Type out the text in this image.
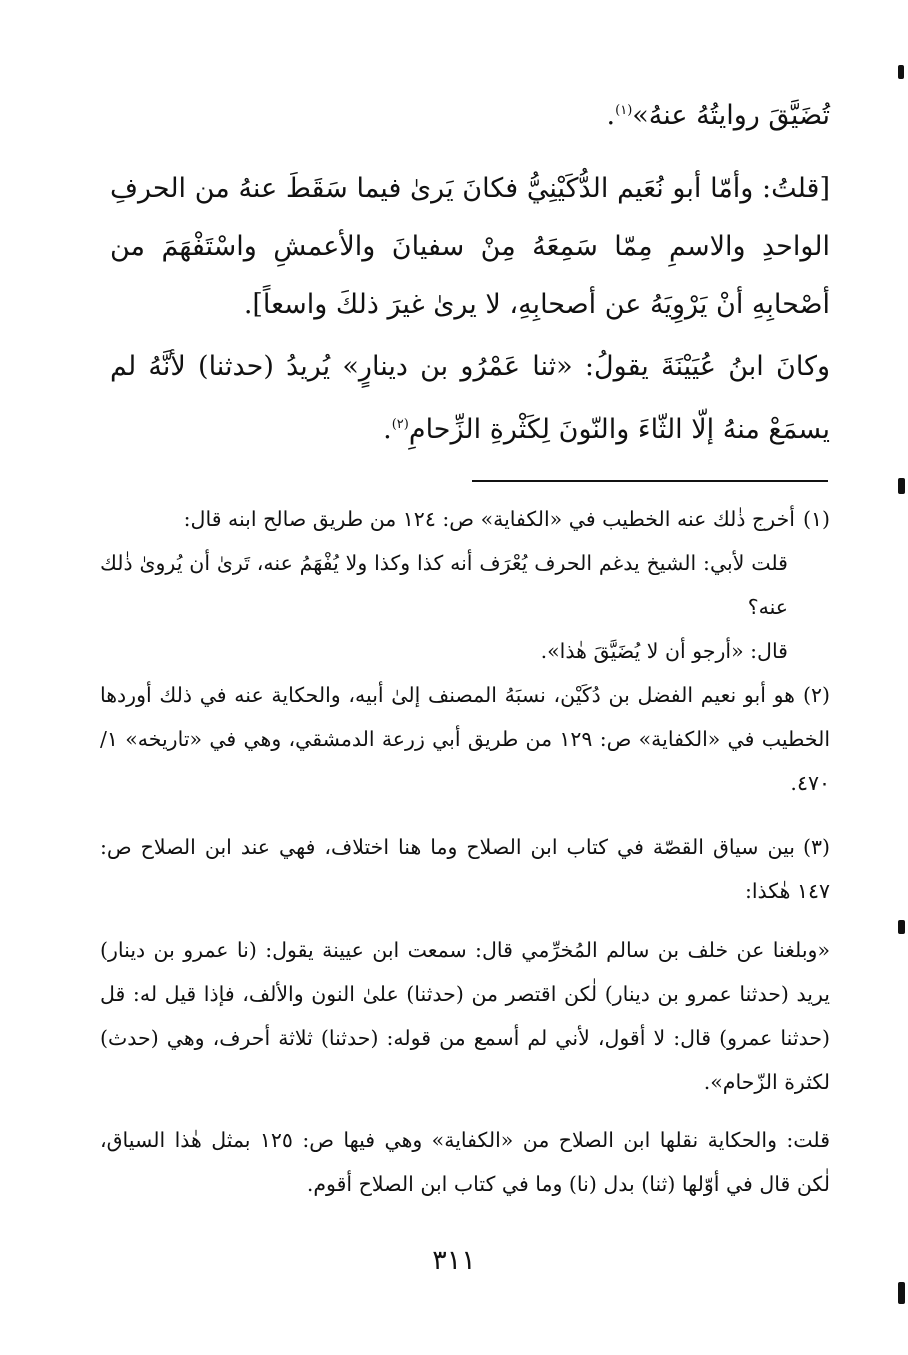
تُضَيَّقَ روايتُهُ عنهُ»$^{(١)}$.
[قلتُ: وأمّا أبو نُعَيم الدُّكَيْنِيُّ فكانَ يَرىٰ فيما سَقَطَ عنهُ من الحرفِ الواحدِ والاسمِ مِمّا سَمِعَهُ مِنْ سفيانَ والأعمشِ واسْتَفْهَمَ من أصْحابِهِ أنْ يَرْوِيَهُ عن أصحابِهِ، لا يرىٰ غيرَ ذلكَ واسعاً].
وكانَ ابنُ عُيَيْنَةَ يقولُ: «ثنا عَمْرُو بن دينارٍ» يُريدُ (حدثنا) لأنَّهُ لم يسمَعْ منهُ إلّا الثّاءَ والنّونَ لِكَثْرةِ الزِّحامِ$^{(٢)}$.

(١)أخرج ذٰلك عنه الخطيب في «الكفاية» ص: ١٢٤ من طريق صالح ابنه قال:

قلت لأبي: الشيخ يدغم الحرف يُعْرَف أنه كذا وكذا ولا يُفْهَمُ عنه، تَرىٰ أن يُروىٰ ذٰلك عنه؟

قال: «أرجو أن لا يُضَيَّقَ هٰذا».

(٢)هو أبو نعيم الفضل بن دُكَيْن، نسبَهُ المصنف إلىٰ أبيه، والحكاية عنه في ذلك أوردها الخطيب في «الكفاية» ص: ١٢٩ من طريق أبي زرعة الدمشقي، وهي في «تاريخه» ١/ ٤٧٠.

(٣)بين سياق القصّة في كتاب ابن الصلاح وما هنا اختلاف، فهي عند ابن الصلاح ص: ١٤٧ هٰكذا:

«وبلغنا عن خلف بن سالم المُخرِّمي قال: سمعت ابن عيينة يقول: (نا عمرو بن دينار) يريد (حدثنا عمرو بن دينار) لٰكن اقتصر من (حدثنا) علىٰ النون والألف، فإذا قيل له: قل (حدثنا عمرو) قال: لا أقول، لأني لم أسمع من قوله: (حدثنا) ثلاثة أحرف، وهي (حدث) لكثرة الزّحام».
قلت: والحكاية نقلها ابن الصلاح من «الكفاية» وهي فيها ص: ١٢٥ بمثل هٰذا السياق، لٰكن قال في أوّلها (ثنا) بدل (نا) وما في كتاب ابن الصلاح أقوم.
٣١١
